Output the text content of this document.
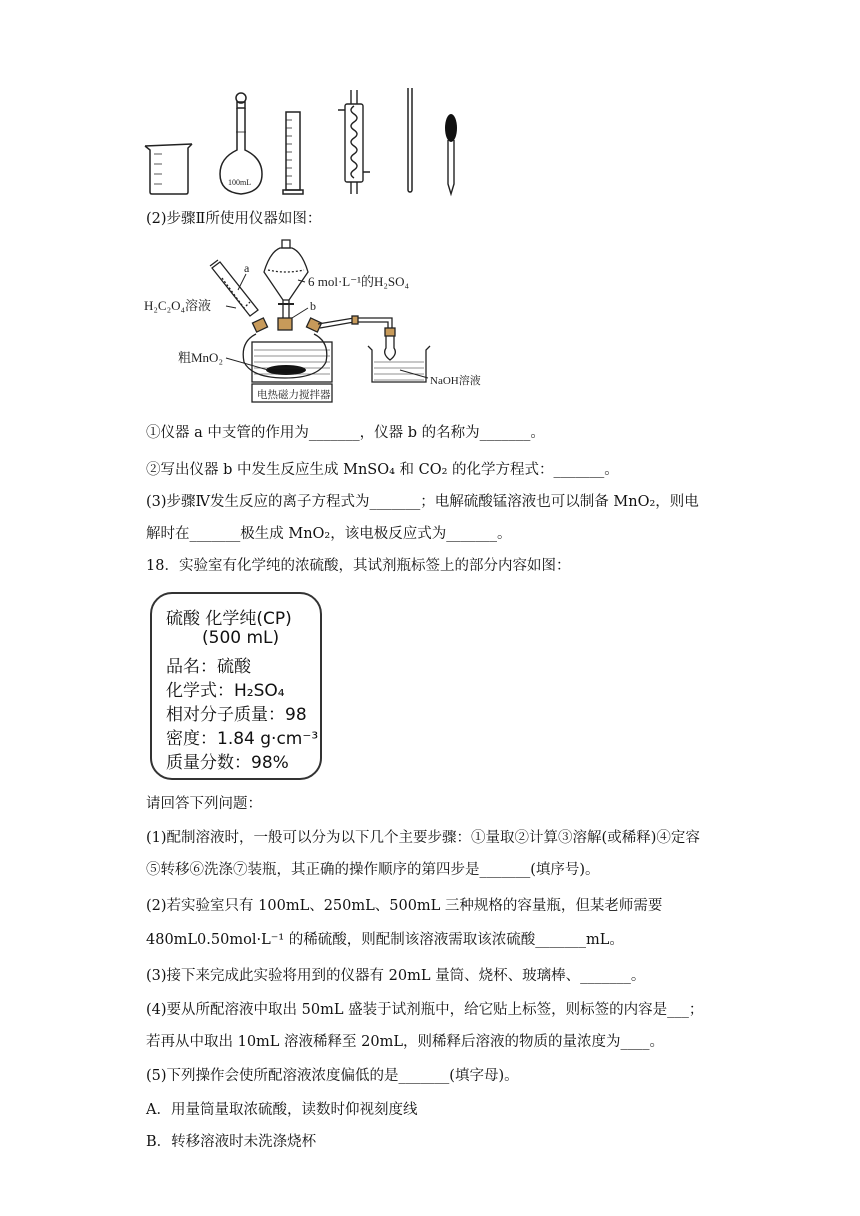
100mL
(2)步骤Ⅱ所使用仪器如图：
6 mol·L⁻¹的H₂SO₄
b
a
H₂C₂O₄溶液
粗MnO₂
电热磁力搅拌器
NaOH溶液
①仪器 a 中支管的作用为_______，仪器 b 的名称为_______。
②写出仪器 b 中发生反应生成 MnSO₄ 和 CO₂ 的化学方程式：_______。
(3)步骤Ⅳ发生反应的离子方程式为_______；电解硫酸锰溶液也可以制备 MnO₂，则电
解时在_______极生成 MnO₂，该电极反应式为_______。
18．实验室有化学纯的浓硫酸，其试剂瓶标签上的部分内容如图：
硫酸 化学纯(CP)
(500 mL)
品名：硫酸
化学式：H₂SO₄
相对分子质量：98
密度：1.84 g·cm⁻³
质量分数：98%
请回答下列问题：
(1)配制溶液时，一般可以分为以下几个主要步骤：①量取②计算③溶解(或稀释)④定容
⑤转移⑥洗涤⑦装瓶，其正确的操作顺序的第四步是_______(填序号)。
(2)若实验室只有 100mL、250mL、500mL 三种规格的容量瓶，但某老师需要
480mL0.50mol·L⁻¹ 的稀硫酸，则配制该溶液需取该浓硫酸_______mL。
(3)接下来完成此实验将用到的仪器有 20mL 量筒、烧杯、玻璃棒、_______。
(4)要从所配溶液中取出 50mL 盛装于试剂瓶中，给它贴上标签，则标签的内容是___；
若再从中取出 10mL 溶液稀释至 20mL，则稀释后溶液的物质的量浓度为____。
(5)下列操作会使所配溶液浓度偏低的是_______(填字母)。
A．用量筒量取浓硫酸，读数时仰视刻度线
B．转移溶液时未洗涤烧杯
